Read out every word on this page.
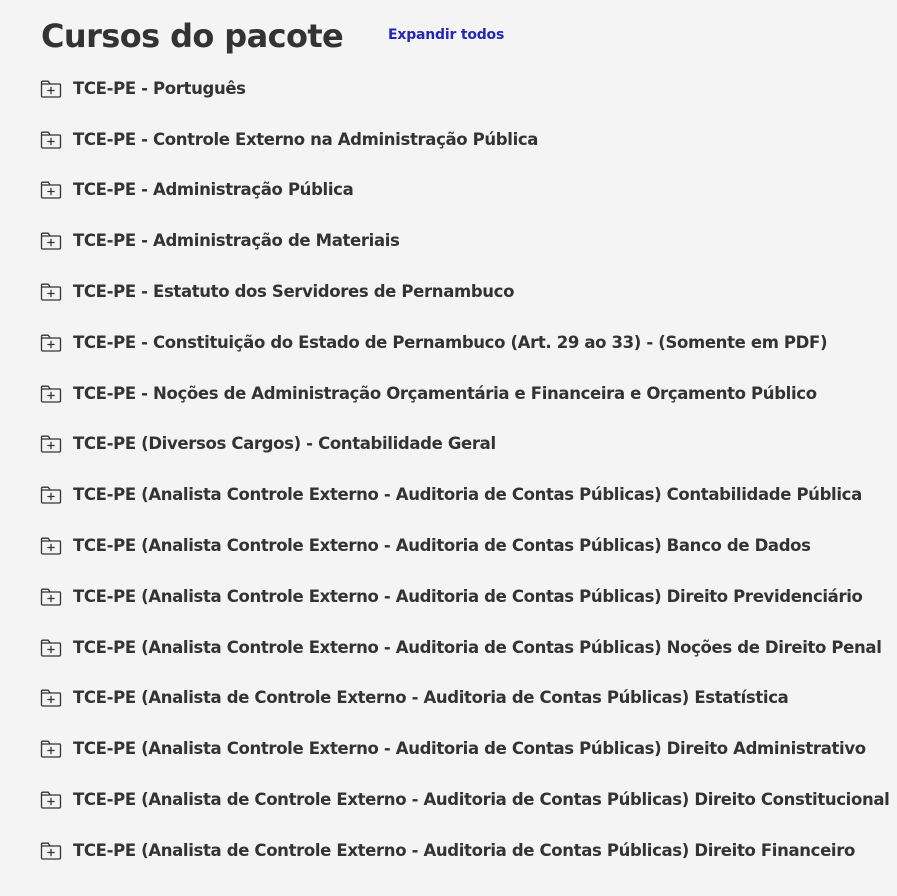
Cursos do pacote	Expandir todos
TCE-PE - Português
TCE-PE - Controle Externo na Administração Pública
TCE-PE - Administração Pública
TCE-PE - Administração de Materiais
TCE-PE - Estatuto dos Servidores de Pernambuco
TCE-PE - Constituição do Estado de Pernambuco (Art. 29 ao 33) - (Somente em PDF)
TCE-PE - Noções de Administração Orçamentária e Financeira e Orçamento Público
TCE-PE (Diversos Cargos) - Contabilidade Geral
TCE-PE (Analista Controle Externo - Auditoria de Contas Públicas) Contabilidade Pública
TCE-PE (Analista Controle Externo - Auditoria de Contas Públicas) Banco de Dados
TCE-PE (Analista Controle Externo - Auditoria de Contas Públicas) Direito Previdenciário
TCE-PE (Analista Controle Externo - Auditoria de Contas Públicas) Noções de Direito Penal
TCE-PE (Analista de Controle Externo - Auditoria de Contas Públicas) Estatística
TCE-PE (Analista Controle Externo - Auditoria de Contas Públicas) Direito Administrativo
TCE-PE (Analista de Controle Externo - Auditoria de Contas Públicas) Direito Constitucional
TCE-PE (Analista de Controle Externo - Auditoria de Contas Públicas) Direito Financeiro
